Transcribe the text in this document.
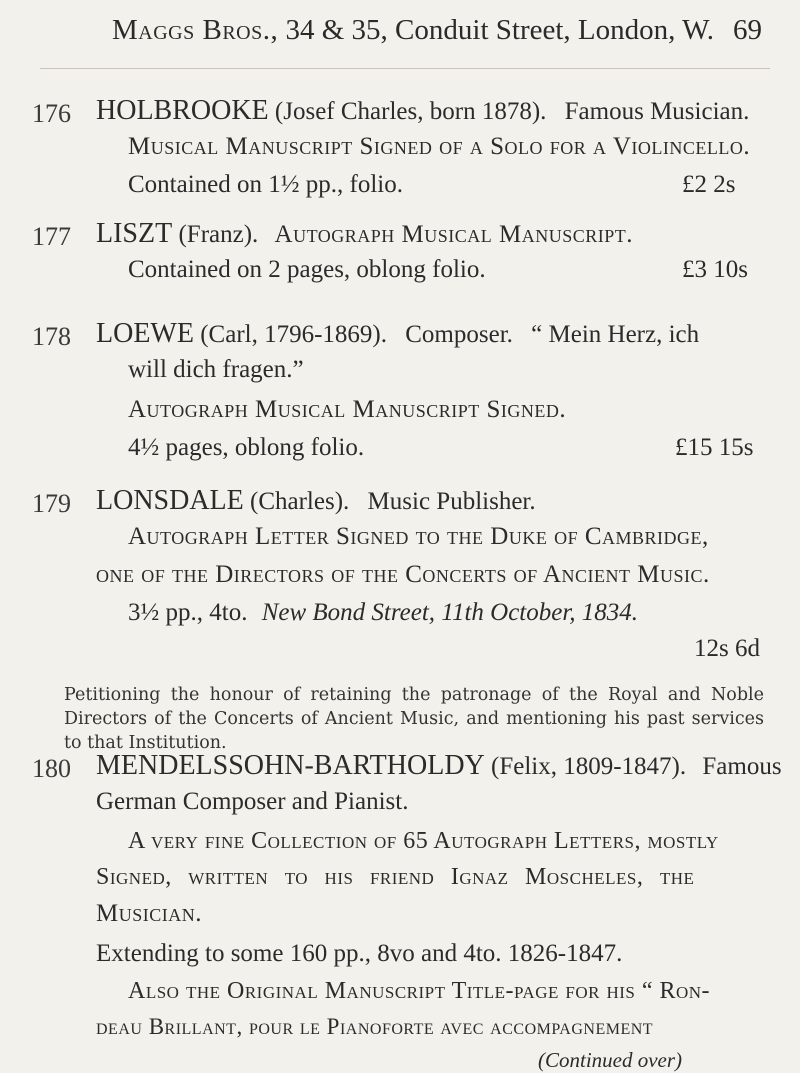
Maggs Bros., 34 & 35, Conduit Street, London, W. 69
176 HOLBROOKE (Josef Charles, born 1878). Famous Musician.
Musical Manuscript Signed of a Solo for a Violincello.
Contained on 1½ pp., folio.	£2 2s
177 LISZT (Franz). Autograph Musical Manuscript.
Contained on 2 pages, oblong folio.	£3 10s
178 LOEWE (Carl, 1796-1869). Composer. “ Mein Herz, ich
will dich fragen.”
Autograph Musical Manuscript Signed.
4½ pages, oblong folio.	£15 15s
179 LONSDALE (Charles). Music Publisher.
Autograph Letter Signed to the Duke of Cambridge,
one of the Directors of the Concerts of Ancient Music.
3½ pp., 4to. New Bond Street, 11th October, 1834.
12s 6d
Petitioning the honour of retaining the patronage of the Royal and Noble Directors of the Concerts of Ancient Music, and mentioning his past services to that Institution.
180 MENDELSSOHN-BARTHOLDY (Felix, 1809-1847). Famous
German Composer and Pianist.
A very fine Collection of 65 Autograph Letters, mostly
Signed, written to his friend Ignaz Moscheles, the
Musician.
Extending to some 160 pp., 8vo and 4to. 1826-1847.
Also the Original Manuscript Title-page for his “ Ron-
deau Brillant, pour le Pianoforte avec accompagnement
(Continued over)
